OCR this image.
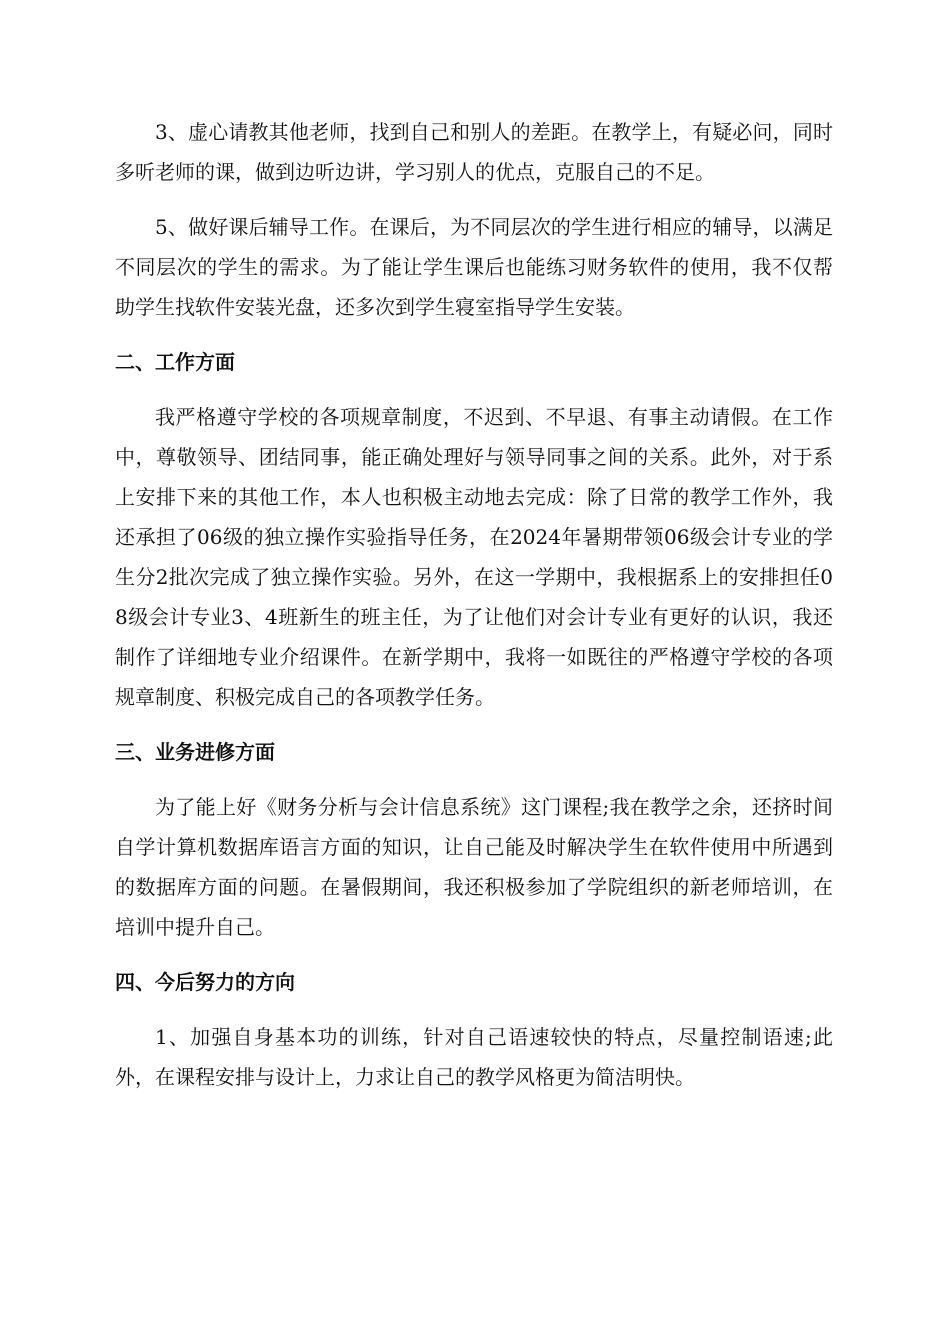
3、虚心请教其他老师，找到自己和别人的差距。在教学上，有疑必问，同时多听老师的课，做到边听边讲，学习别人的优点，克服自己的不足。

5、做好课后辅导工作。在课后，为不同层次的学生进行相应的辅导，以满足不同层次的学生的需求。为了能让学生课后也能练习财务软件的使用，我不仅帮助学生找软件安装光盘，还多次到学生寝室指导学生安装。

二、工作方面

我严格遵守学校的各项规章制度，不迟到、不早退、有事主动请假。在工作中，尊敬领导、团结同事，能正确处理好与领导同事之间的关系。此外，对于系上安排下来的其他工作，本人也积极主动地去完成：除了日常的教学工作外，我还承担了06级的独立操作实验指导任务，在2024年暑期带领06级会计专业的学生分2批次完成了独立操作实验。另外，在这一学期中，我根据系上的安排担任08级会计专业3、4班新生的班主任，为了让他们对会计专业有更好的认识，我还制作了详细地专业介绍课件。在新学期中，我将一如既往的严格遵守学校的各项规章制度、积极完成自己的各项教学任务。

三、业务进修方面

为了能上好《财务分析与会计信息系统》这门课程;我在教学之余，还挤时间自学计算机数据库语言方面的知识，让自己能及时解决学生在软件使用中所遇到的数据库方面的问题。在暑假期间，我还积极参加了学院组织的新老师培训，在培训中提升自己。

四、今后努力的方向

1、加强自身基本功的训练，针对自己语速较快的特点，尽量控制语速;此外，在课程安排与设计上，力求让自己的教学风格更为简洁明快。
